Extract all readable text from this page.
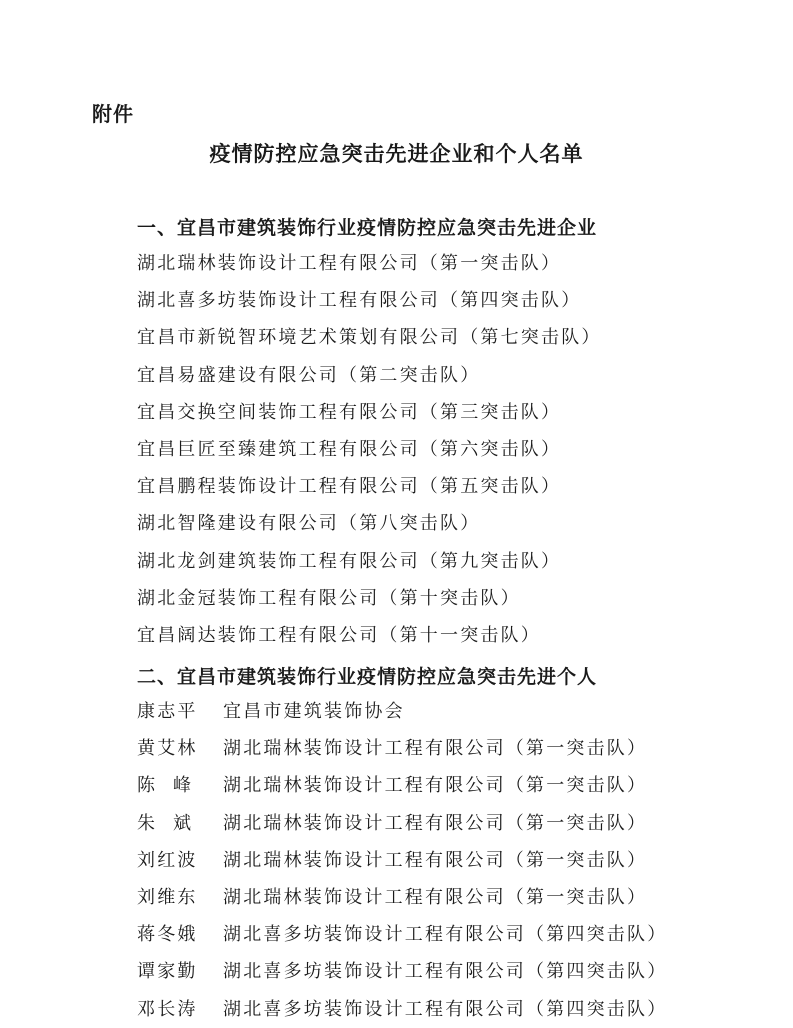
附件
疫情防控应急突击先进企业和个人名单
一、宜昌市建筑装饰行业疫情防控应急突击先进企业
湖北瑞林装饰设计工程有限公司（第一突击队）
湖北喜多坊装饰设计工程有限公司（第四突击队）
宜昌市新锐智环境艺术策划有限公司（第七突击队）
宜昌易盛建设有限公司（第二突击队）
宜昌交换空间装饰工程有限公司（第三突击队）
宜昌巨匠至臻建筑工程有限公司（第六突击队）
宜昌鹏程装饰设计工程有限公司（第五突击队）
湖北智隆建设有限公司（第八突击队）
湖北龙剑建筑装饰工程有限公司（第九突击队）
湖北金冠装饰工程有限公司（第十突击队）
宜昌阔达装饰工程有限公司（第十一突击队）
二、宜昌市建筑装饰行业疫情防控应急突击先进个人
康志平	宜昌市建筑装饰协会
黄艾林	湖北瑞林装饰设计工程有限公司（第一突击队）
陈  峰	湖北瑞林装饰设计工程有限公司（第一突击队）
朱  斌	湖北瑞林装饰设计工程有限公司（第一突击队）
刘红波	湖北瑞林装饰设计工程有限公司（第一突击队）
刘维东	湖北瑞林装饰设计工程有限公司（第一突击队）
蒋冬娥	湖北喜多坊装饰设计工程有限公司（第四突击队）
谭家勤	湖北喜多坊装饰设计工程有限公司（第四突击队）
邓长涛	湖北喜多坊装饰设计工程有限公司（第四突击队）
